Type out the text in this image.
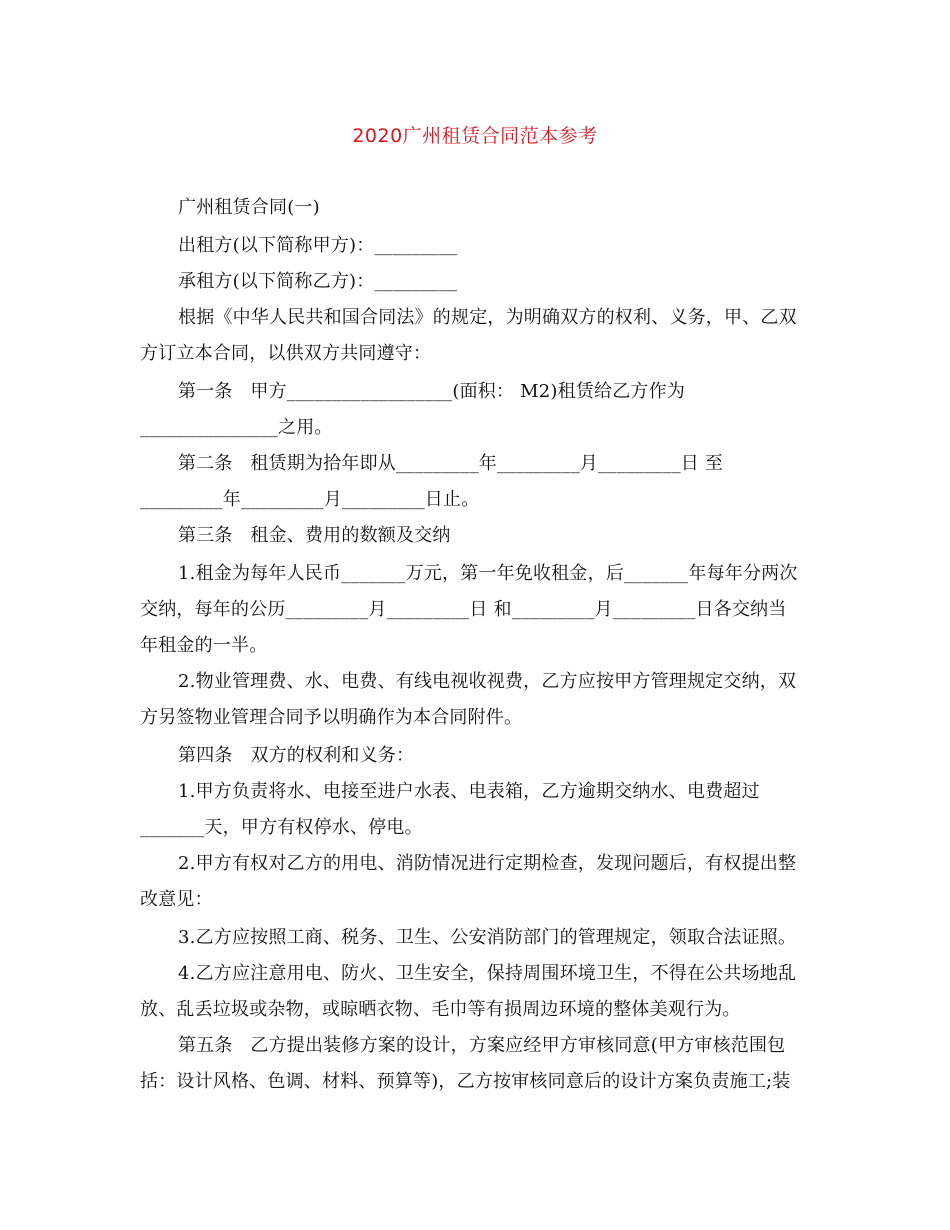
2020广州租赁合同范本参考
广州租赁合同(一)
出租方(以下简称甲方)：_________
承租方(以下简称乙方)：_________
根据《中华人民共和国合同法》的规定，为明确双方的权利、义务，甲、乙双
方订立本合同，以供双方共同遵守：
第一条   甲方__________________(面积： M2)租赁给乙方作为
_______________之用。
第二条   租赁期为拾年即从_________年_________月_________日 至
_________年_________月_________日止。
第三条   租金、费用的数额及交纳
1.租金为每年人民币_______万元，第一年免收租金，后_______年每年分两次
交纳，每年的公历_________月_________日 和_________月_________日各交纳当
年租金的一半。
2.物业管理费、水、电费、有线电视收视费，乙方应按甲方管理规定交纳，双
方另签物业管理合同予以明确作为本合同附件。
第四条   双方的权利和义务：
1.甲方负责将水、电接至进户水表、电表箱，乙方逾期交纳水、电费超过
_______天，甲方有权停水、停电。
2.甲方有权对乙方的用电、消防情况进行定期检查，发现问题后，有权提出整
改意见：
3.乙方应按照工商、税务、卫生、公安消防部门的管理规定，领取合法证照。
4.乙方应注意用电、防火、卫生安全，保持周围环境卫生，不得在公共场地乱
放、乱丢垃圾或杂物，或晾晒衣物、毛巾等有损周边环境的整体美观行为。
第五条   乙方提出装修方案的设计，方案应经甲方审核同意(甲方审核范围包
括：设计风格、色调、材料、预算等)，乙方按审核同意后的设计方案负责施工;装
